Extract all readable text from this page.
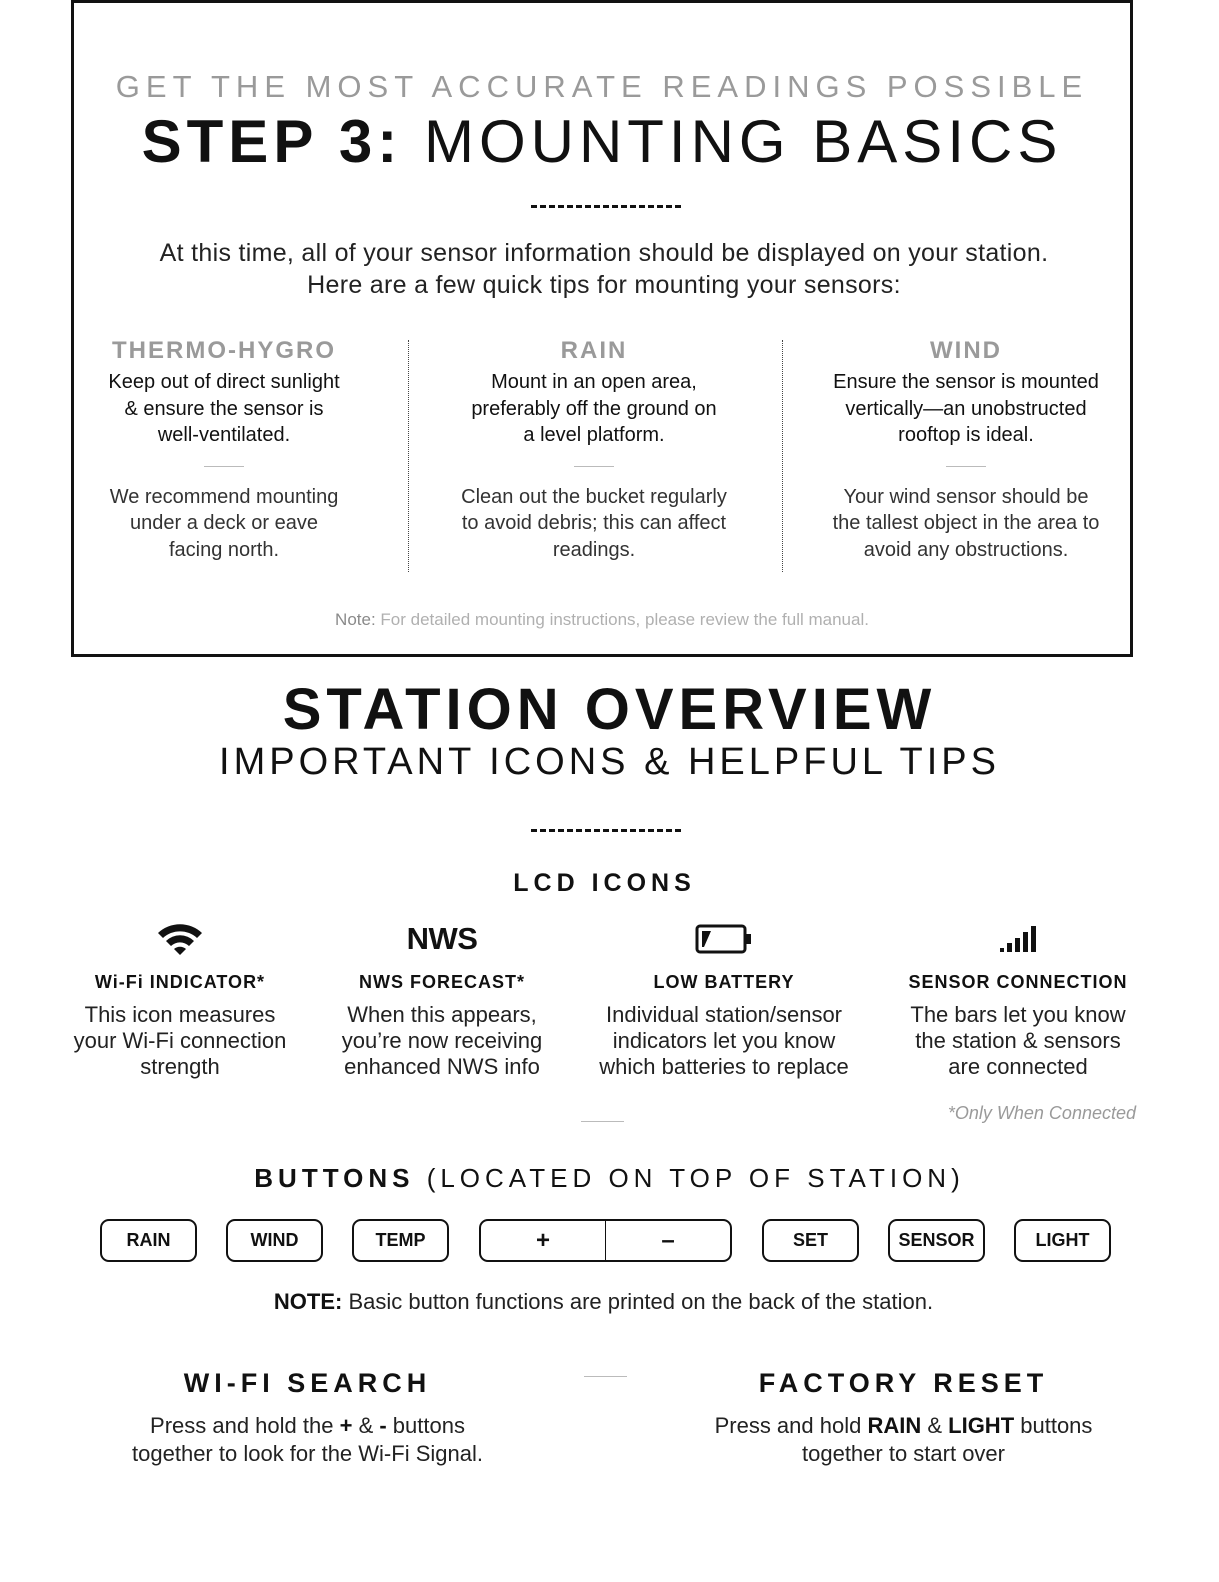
GET THE MOST ACCURATE READINGS POSSIBLE
STEP 3: MOUNTING BASICS
At this time, all of your sensor information should be displayed on your station.
Here are a few quick tips for mounting your sensors:
THERMO-HYGRO
Keep out of direct sunlight
& ensure the sensor is
well-ventilated.
We recommend mounting
under a deck or eave
facing north.
RAIN
Mount in an open area,
preferably off the ground on
a level platform.
Clean out the bucket regularly
to avoid debris; this can affect
readings.
WIND
Ensure the sensor is mounted
vertically—an unobstructed
rooftop is ideal.
Your wind sensor should be
the tallest object in the area to
avoid any obstructions.
Note: For detailed mounting instructions, please review the full manual.
STATION OVERVIEW
IMPORTANT ICONS & HELPFUL TIPS
LCD ICONS
Wi-Fi INDICATOR*
This icon measures
your Wi-Fi connection
strength
NWS
NWS FORECAST*
When this appears,
you’re now receiving
enhanced NWS info
LOW BATTERY
Individual station/sensor
indicators let you know
which batteries to replace
SENSOR CONNECTION
The bars let you know
the station & sensors
are connected
*Only When Connected
BUTTONS (LOCATED ON TOP OF STATION)
RAIN	WIND	TEMP	+	–	SET	SENSOR	LIGHT
NOTE: Basic button functions are printed on the back of the station.
WI-FI SEARCH	FACTORY RESET
Press and hold the + & - buttons
together to look for the Wi-Fi Signal.
Press and hold RAIN & LIGHT buttons
together to start over
